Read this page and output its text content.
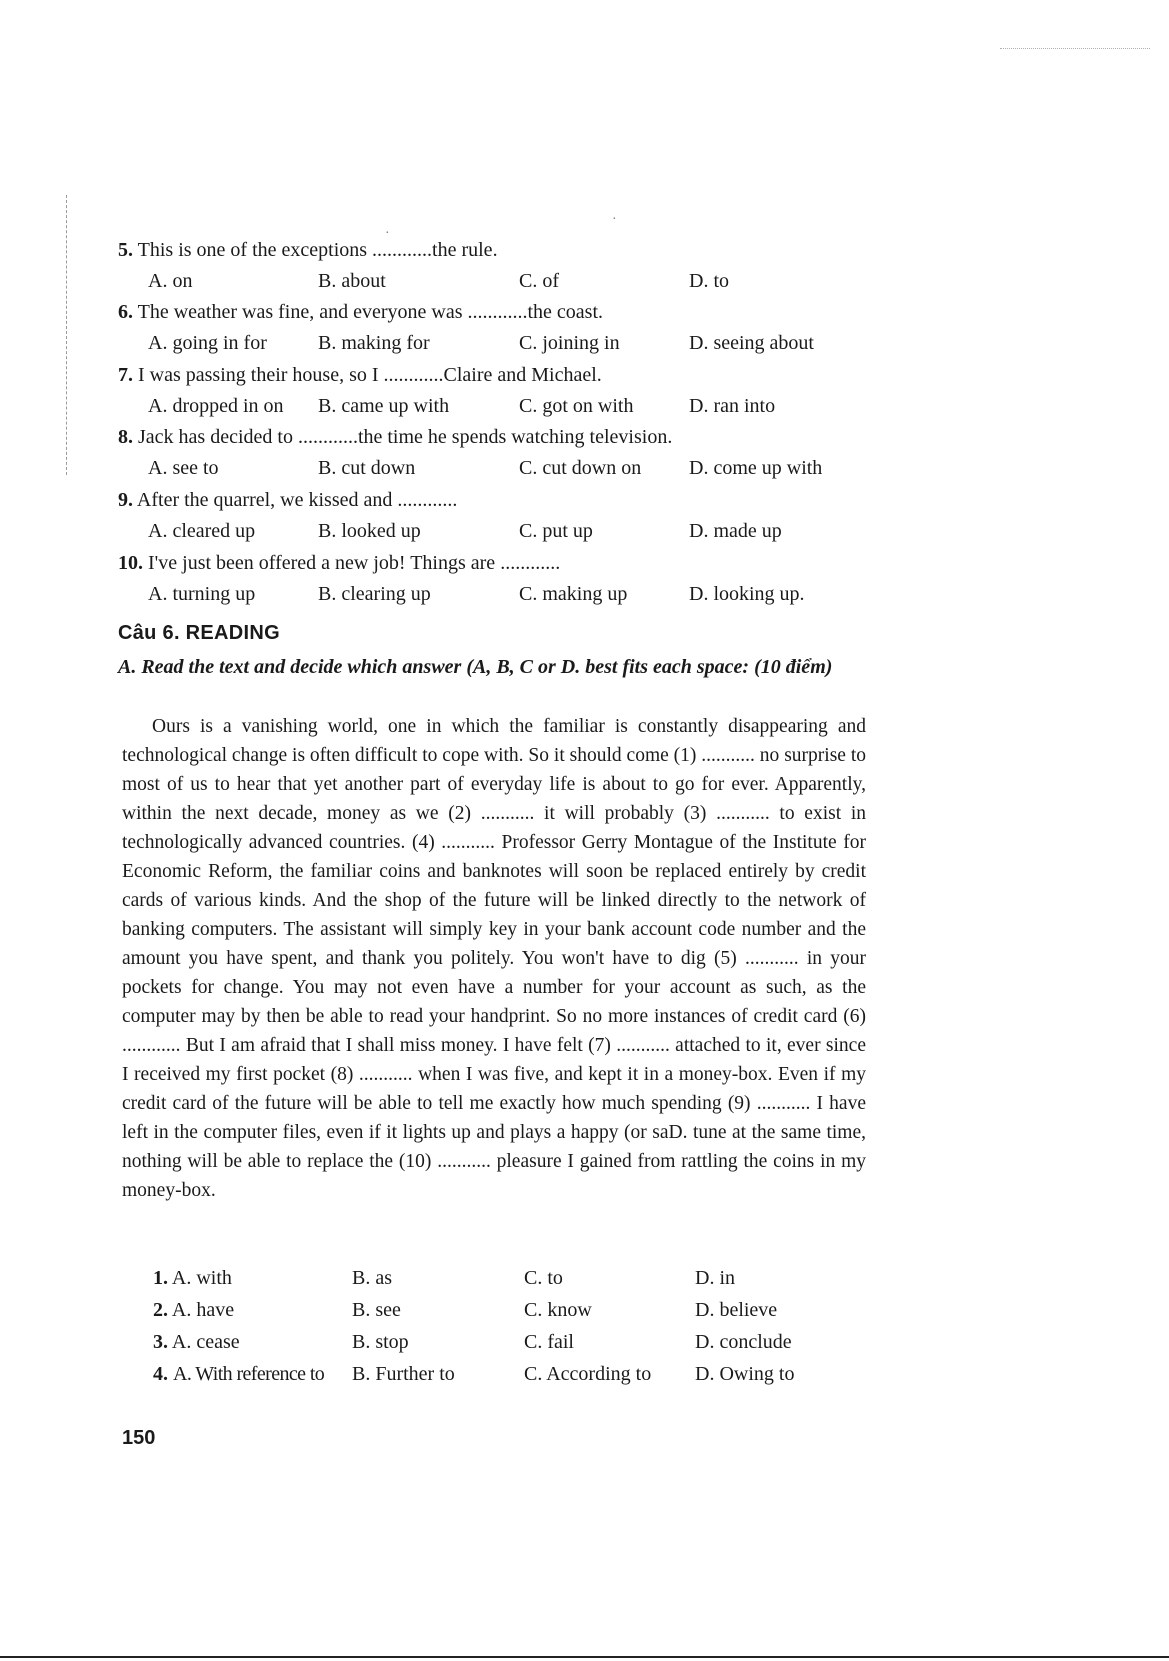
·
·
5. This is one of the exceptions ............the rule.
A. on	B. about	C. of	D. to
6. The weather was fine, and everyone was ............the coast.
A. going in for	B. making for	C. joining in	D. seeing about
7. I was passing their house, so I ............Claire and Michael.
A. dropped in on B. came up with	C. got on with	D. ran into
8. Jack has decided to ............the time he spends watching television.
A. see to	B. cut down	C. cut down on D. come up with
9. After the quarrel, we kissed and ............
A. cleared up	B. looked up	C. put up	D. made up
10. I've just been offered a new job! Things are ............
A. turning up	B. clearing up	C. making up	D. looking up.
Câu 6. READING
A. Read the text and decide which answer (A, B, C or D. best fits each space: (10 điểm)
Ours is a vanishing world, one in which the familiar is constantly disappearing and technological change is often difficult to cope with. So it should come (1) ........... no surprise to most of us to hear that yet another part of everyday life is about to go for ever. Apparently, within the next decade, money as we (2) ........... it will probably (3) ........... to exist in technologically advanced countries. (4) ........... Professor Gerry Montague of the Institute for Economic Reform, the familiar coins and banknotes will soon be replaced entirely by credit cards of various kinds. And the shop of the future will be linked directly to the network of banking computers. The assistant will simply key in your bank account code number and the amount you have spent, and thank you politely. You won't have to dig (5) ........... in your pockets for change. You may not even have a number for your account as such, as the computer may by then be able to read your handprint. So no more instances of credit card (6) ............ But I am afraid that I shall miss money. I have felt (7) ........... attached to it, ever since I received my first pocket (8) ........... when I was five, and kept it in a money-box. Even if my credit card of the future will be able to tell me exactly how much spending (9) ........... I have left in the computer files, even if it lights up and plays a happy (or saD. tune at the same time, nothing will be able to replace the (10) ........... pleasure I gained from rattling the coins in my money-box.
1. A. with	B. as	C. to	D. in
2. A. have	B. see	C. know	D. believe
3. A. cease	B. stop	C. fail	D. conclude
4. A. With reference to B. Further to	C. According to D. Owing to
150
